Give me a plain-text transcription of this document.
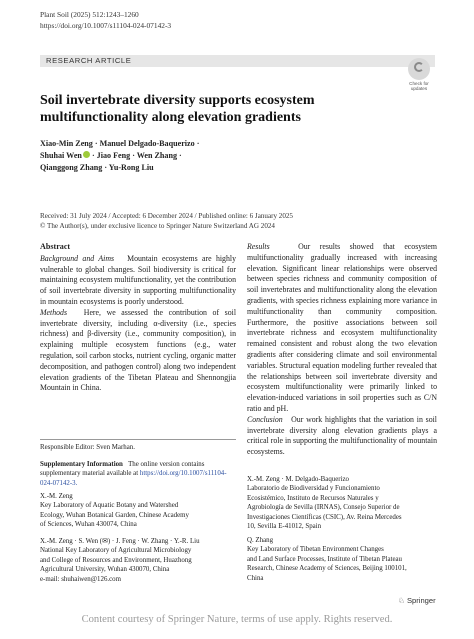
Plant Soil (2025) 512:1243–1260
https://doi.org/10.1007/s11104-024-07142-3
RESEARCH ARTICLE
Check for
updates
Soil invertebrate diversity supports ecosystem multifunctionality along elevation gradients
Xiao-Min Zeng · Manuel Delgado-Baquerizo ·
Shuhai Wen · Jiao Feng · Wen Zhang ·
Qianggong Zhang · Yu-Rong Liu
Received: 31 July 2024 / Accepted: 6 December 2024 / Published online: 6 January 2025
© The Author(s), under exclusive licence to Springer Nature Switzerland AG 2024
Abstract

Background and Aims Mountain ecosystems are highly vulnerable to global changes. Soil biodiversity is critical for maintaining ecosystem multifunctionality, yet the contribution of soil invertebrate diversity in supporting multifunctionality in mountain ecosystems is poorly understood.

Methods Here, we assessed the contribution of soil invertebrate diversity, including α-diversity (i.e., species richness) and β-diversity (i.e., community composition), in explaining multiple ecosystem functions (e.g., water regulation, soil carbon stocks, nutrient cycling, organic matter decomposition, and pathogen control) along two independent elevation gradients of the Tibetan Plateau and Shennongjia Mountain in China.

Results	Our results showed that ecosystem multifunctionality gradually increased with increasing elevation. Significant linear relationships were observed between species richness and community composition of soil invertebrates and multifunctionality along the elevation gradients, with species richness explaining more variance in multifunctionality than community composition. Furthermore, the positive associations between soil invertebrate richness and ecosystem multifunctionality remained consistent and robust along the two elevation gradients after considering climate and soil environmental variables. Structural equation modeling further revealed that the relationships between soil invertebrate diversity and ecosystem multifunctionality were primarily linked to elevation-induced variations in soil properties such as C/N ratio and pH.

Conclusion Our work highlights that the variation in soil invertebrate diversity along elevation gradients plays a critical role in supporting the multifunctionality of mountain ecosystems.

Responsible Editor: Sven Marhan.
Supplementary Information The online version contains supplementary material available at https://doi.org/10.1007/s11104-024-07142-3.
X.-M. Zeng
Key Laboratory of Aquatic Botany and Watershed
Ecology, Wuhan Botanical Garden, Chinese Academy
of Sciences, Wuhan 430074, China
X.-M. Zeng · S. Wen (✉) · J. Feng · W. Zhang · Y.-R. Liu
National Key Laboratory of Agricultural Microbiology
and College of Resources and Environment, Huazhong
Agricultural University, Wuhan 430070, China
e-mail: shuhaiwen@126.com
X.-M. Zeng · M. Delgado-Baquerizo
Laboratorio de Biodiversidad y Funcionamiento
Ecosistémico, Instituto de Recursos Naturales y
Agrobiología de Sevilla (IRNAS), Consejo Superior de
Investigaciones Científicas (CSIC), Av. Reina Mercedes
10, Sevilla E-41012, Spain
Q. Zhang
Key Laboratory of Tibetan Environment Changes
and Land Surface Processes, Institute of Tibetan Plateau
Research, Chinese Academy of Sciences, Beijing 100101,
China
♘ Springer
Content courtesy of Springer Nature, terms of use apply. Rights reserved.
